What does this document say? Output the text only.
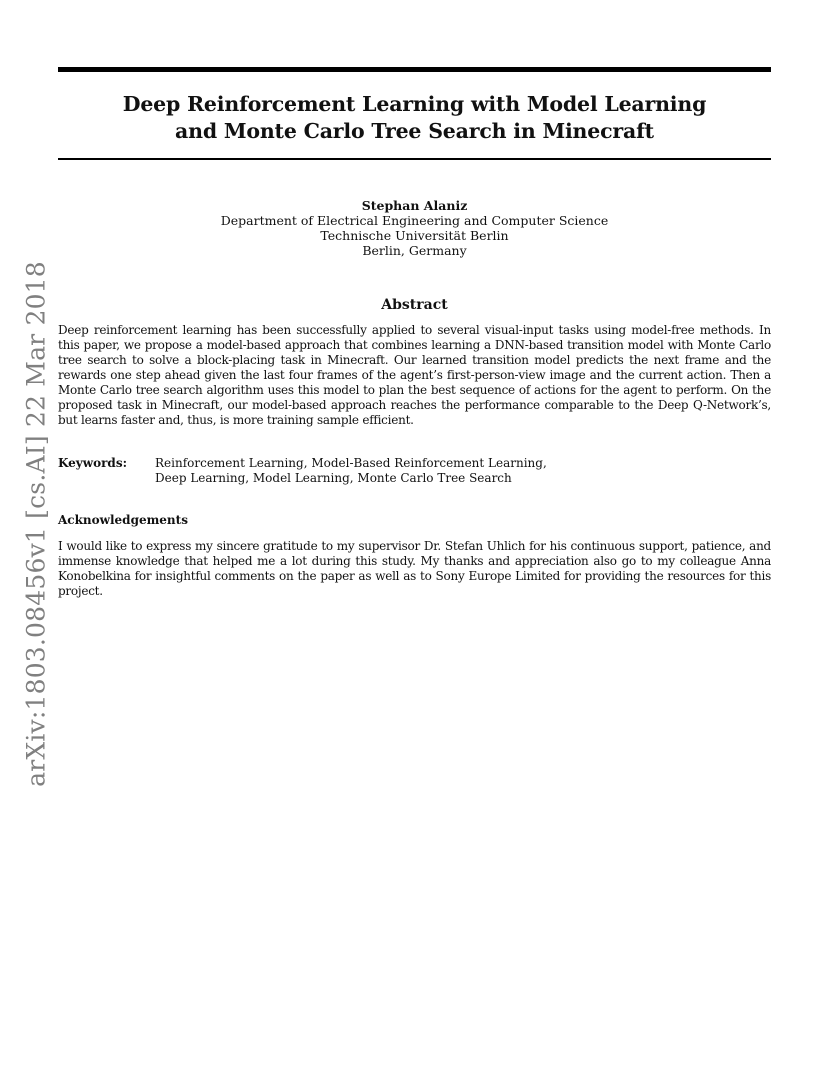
arXiv:1803.08456v1 [cs.AI] 22 Mar 2018
Deep Reinforcement Learning with Model Learning
and Monte Carlo Tree Search in Minecraft
Stephan Alaniz
Department of Electrical Engineering and Computer Science
Technische Universität Berlin
Berlin, Germany
Abstract

Deep reinforcement learning has been successfully applied to several visual-input tasks using model-free methods. In this paper, we propose a model-based approach that combines learning a DNN-based transition model with Monte Carlo tree search to solve a block-placing task in Minecraft. Our learned transition model predicts the next frame and the rewards one step ahead given the last four frames of the agent’s first-person-view image and the current action. Then a Monte Carlo tree search algorithm uses this model to plan the best sequence of actions for the agent to perform. On the proposed task in Minecraft, our model-based approach reaches the performance comparable to the Deep Q-Network’s, but learns faster and, thus, is more training sample efficient.

Keywords:	Reinforcement Learning, Model-Based Reinforcement Learning,
Deep Learning, Model Learning, Monte Carlo Tree Search
Acknowledgements

I would like to express my sincere gratitude to my supervisor Dr. Stefan Uhlich for his continuous support, patience, and immense knowledge that helped me a lot during this study. My thanks and appreciation also go to my colleague Anna Konobelkina for insightful comments on the paper as well as to Sony Europe Limited for providing the resources for this project.
